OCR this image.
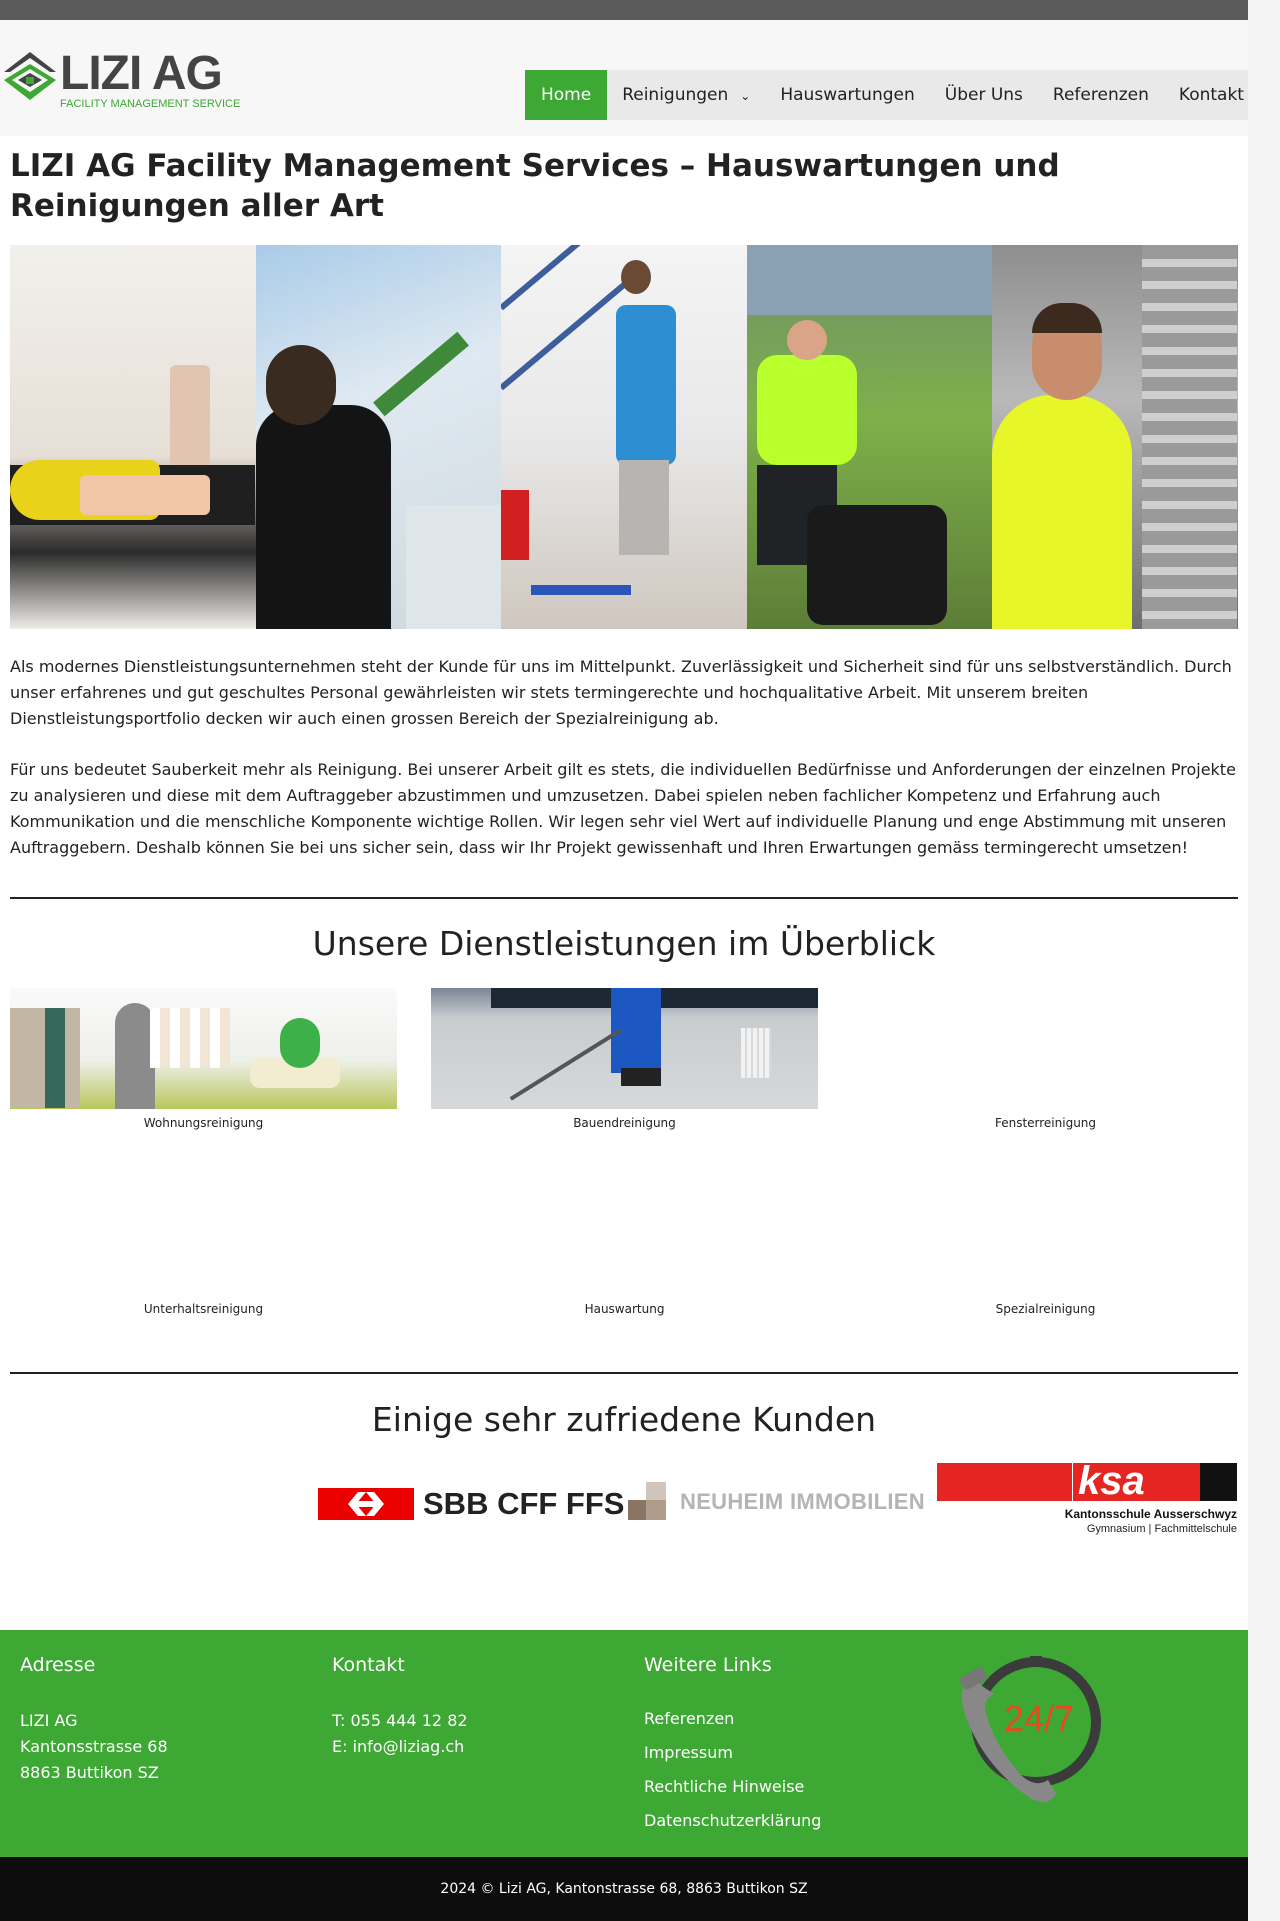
LIZI AG
FACILITY MANAGEMENT SERVICE	Home	Reinigungen ⌄	Hauswartungen	Über Uns	Referenzen	Kontakt
LIZI AG Facility Management Services – Hauswartungen und Reinigungen aller Art

Als modernes Dienstleistungsunternehmen steht der Kunde für uns im Mittelpunkt. Zuverlässigkeit und Sicherheit sind für uns selbstverständlich. Durch unser erfahrenes und gut geschultes Personal gewährleisten wir stets termingerechte und hochqualitative Arbeit. Mit unserem breiten Dienstleistungsportfolio decken wir auch einen grossen Bereich der Spezialreinigung ab.

Für uns bedeutet Sauberkeit mehr als Reinigung. Bei unserer Arbeit gilt es stets, die individuellen Bedürfnisse und Anforderungen der einzelnen Projekte zu analysieren und diese mit dem Auftraggeber abzustimmen und umzusetzen. Dabei spielen neben fachlicher Kompetenz und Erfahrung auch Kommunikation und die menschliche Komponente wichtige Rollen. Wir legen sehr viel Wert auf individuelle Planung und enge Abstimmung mit unseren Auftraggebern. Deshalb können Sie bei uns sicher sein, dass wir Ihr Projekt gewissenhaft und Ihren Erwartungen gemäss termingerecht umsetzen!

Unsere Dienstleistungen im Überblick
Wohnungsreinigung	Bauendreinigung	Fensterreinigung
Unterhaltsreinigung	Hauswartung	Spezialreinigung
Einige sehr zufriedene Kunden
SBB CFF FFS	NEUHEIM IMMOBILIEN	ksa
Kantonsschule Ausserschwyz
Gymnasium | Fachmittelschule
Adresse
LIZI AG
Kantonsstrasse 68
8863 Buttikon SZ
Kontakt
T: 055 444 12 82
E: info@liziag.ch
Weitere Links
Referenzen
Impressum
Rechtliche Hinweise
Datenschutzerklärung
24/7
2024 © Lizi AG, Kantonstrasse 68, 8863 Buttikon SZ
